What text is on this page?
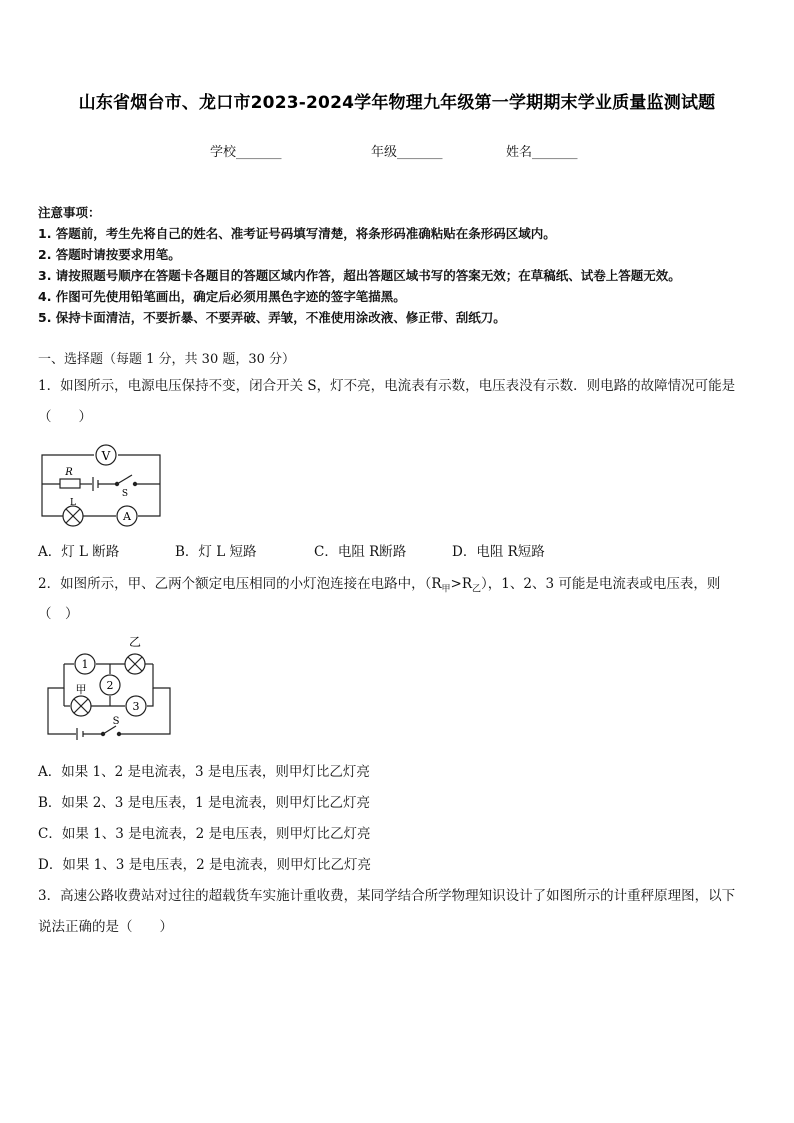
山东省烟台市、龙口市2023-2024学年物理九年级第一学期期末学业质量监测试题
学校_______	年级_______	姓名_______
注意事项：
1. 答题前，考生先将自己的姓名、准考证号码填写清楚，将条形码准确粘贴在条形码区域内。
2. 答题时请按要求用笔。
3. 请按照题号顺序在答题卡各题目的答题区域内作答，超出答题区域书写的答案无效；在草稿纸、试卷上答题无效。
4. 作图可先使用铅笔画出，确定后必须用黑色字迹的签字笔描黑。
5. 保持卡面清洁，不要折暴、不要弄破、弄皱，不准使用涂改液、修正带、刮纸刀。
一、选择题（每题 1 分，共 30 题，30 分）
1．如图所示，电源电压保持不变，闭合开关 S，灯不亮，电流表有示数，电压表没有示数．则电路的故障情况可能是
（　　）
V
R
L
S
A
A．灯 L 断路	B．灯 L 短路	C．电阻 R断路	D．电阻 R短路
2．如图所示，甲、乙两个额定电压相同的小灯泡连接在电路中，$(R_甲>R_乙)$，1、2、3 可能是电流表或电压表，则
（　）
乙
甲
1
2
3
S
A．如果 1、2 是电流表，3 是电压表，则甲灯比乙灯亮
B．如果 2、3 是电压表，1 是电流表，则甲灯比乙灯亮
C．如果 1、3 是电流表，2 是电压表，则甲灯比乙灯亮
D．如果 1、3 是电压表，2 是电流表，则甲灯比乙灯亮
3．高速公路收费站对过往的超载货车实施计重收费，某同学结合所学物理知识设计了如图所示的计重秤原理图，以下
说法正确的是（　　）
